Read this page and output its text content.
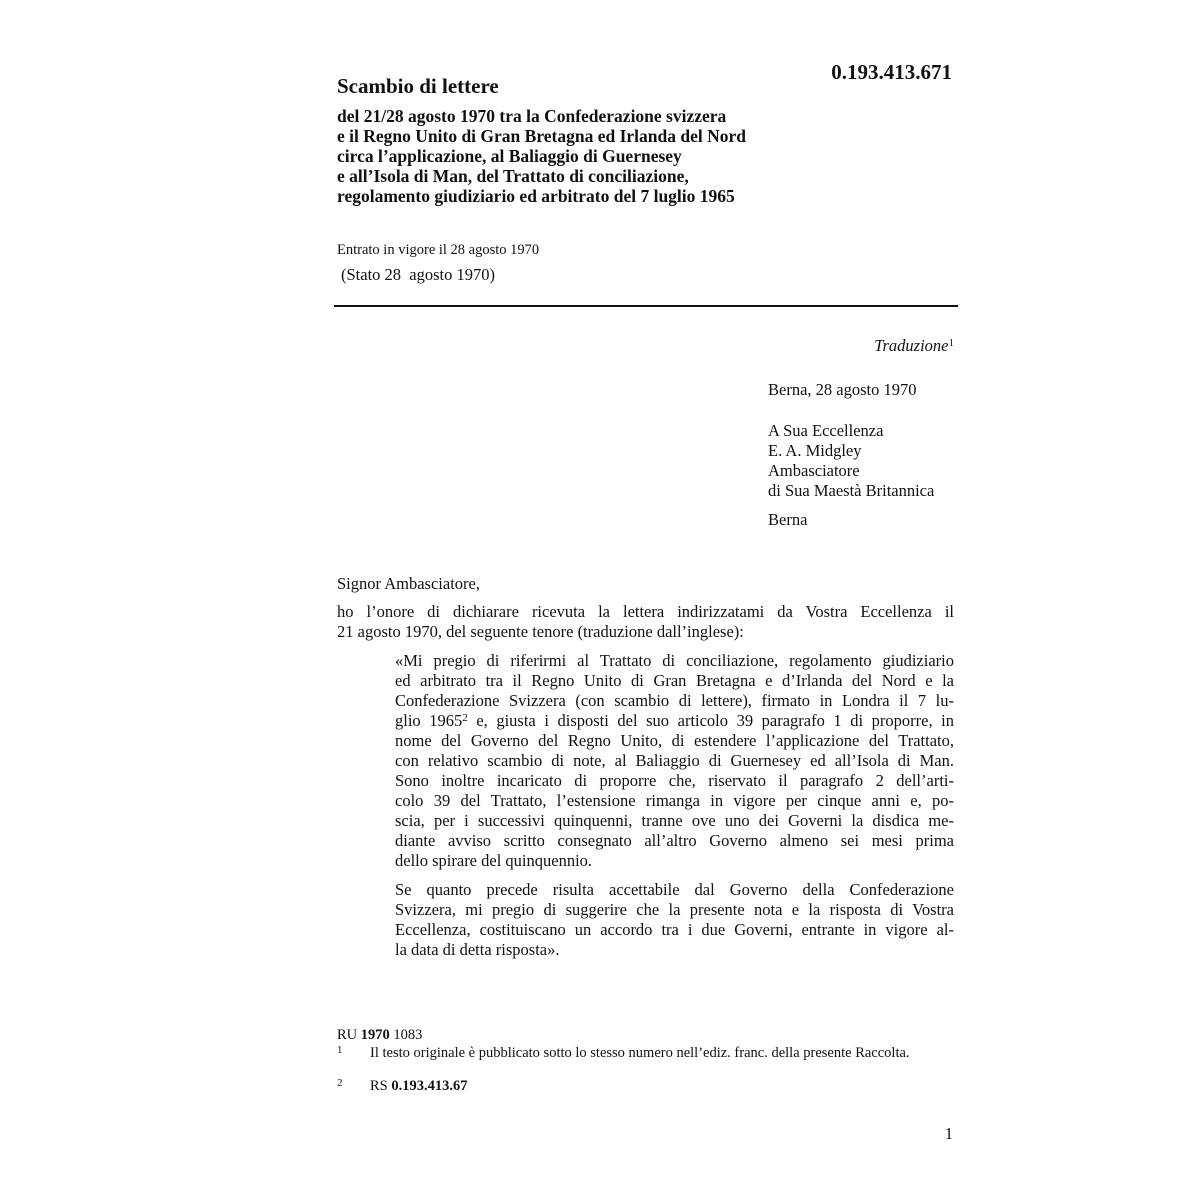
0.193.413.671
Scambio di lettere
del 21/28 agosto 1970 tra la Confederazione svizzera
e il Regno Unito di Gran Bretagna ed Irlanda del Nord
circa l’applicazione, al Baliaggio di Guernesey
e all’Isola di Man, del Trattato di conciliazione,
regolamento giudiziario ed arbitrato del 7 luglio 1965
Entrato in vigore il 28 agosto 1970
(Stato 28  agosto 1970)
Traduzione$^1$
Berna, 28 agosto 1970
A Sua Eccellenza
E. A. Midgley
Ambasciatore
di Sua Maestà Britannica
Berna
Signor Ambasciatore,
ho l’onore di dichiarare ricevuta la lettera indirizzatami da Vostra Eccellenza il
21 agosto 1970, del seguente tenore (traduzione dall’inglese):
«Mi pregio di riferirmi al Trattato di conciliazione, regolamento giudiziario
ed arbitrato tra il Regno Unito di Gran Bretagna e d’Irlanda del Nord e la
Confederazione Svizzera (con scambio di lettere), firmato in Londra il 7 lu-
glio 1965$^2$ e, giusta i disposti del suo articolo 39 paragrafo 1 di proporre, in
nome del Governo del Regno Unito, di estendere l’applicazione del Trattato,
con relativo scambio di note, al Baliaggio di Guernesey ed all’Isola di Man.
Sono inoltre incaricato di proporre che, riservato il paragrafo 2 dell’arti-
colo 39 del Trattato, l’estensione rimanga in vigore per cinque anni e, po-
scia, per i successivi quinquenni, tranne ove uno dei Governi la disdica me-
diante avviso scritto consegnato all’altro Governo almeno sei mesi prima
dello spirare del quinquennio.
Se quanto precede risulta accettabile dal Governo della Confederazione
Svizzera, mi pregio di suggerire che la presente nota e la risposta di Vostra
Eccellenza, costituiscano un accordo tra i due Governi, entrante in vigore al-
la data di detta risposta».
RU 1970 1083
1 Il testo originale è pubblicato sotto lo stesso numero nell’ediz. franc. della presente Raccolta.
2 RS 0.193.413.67
1
